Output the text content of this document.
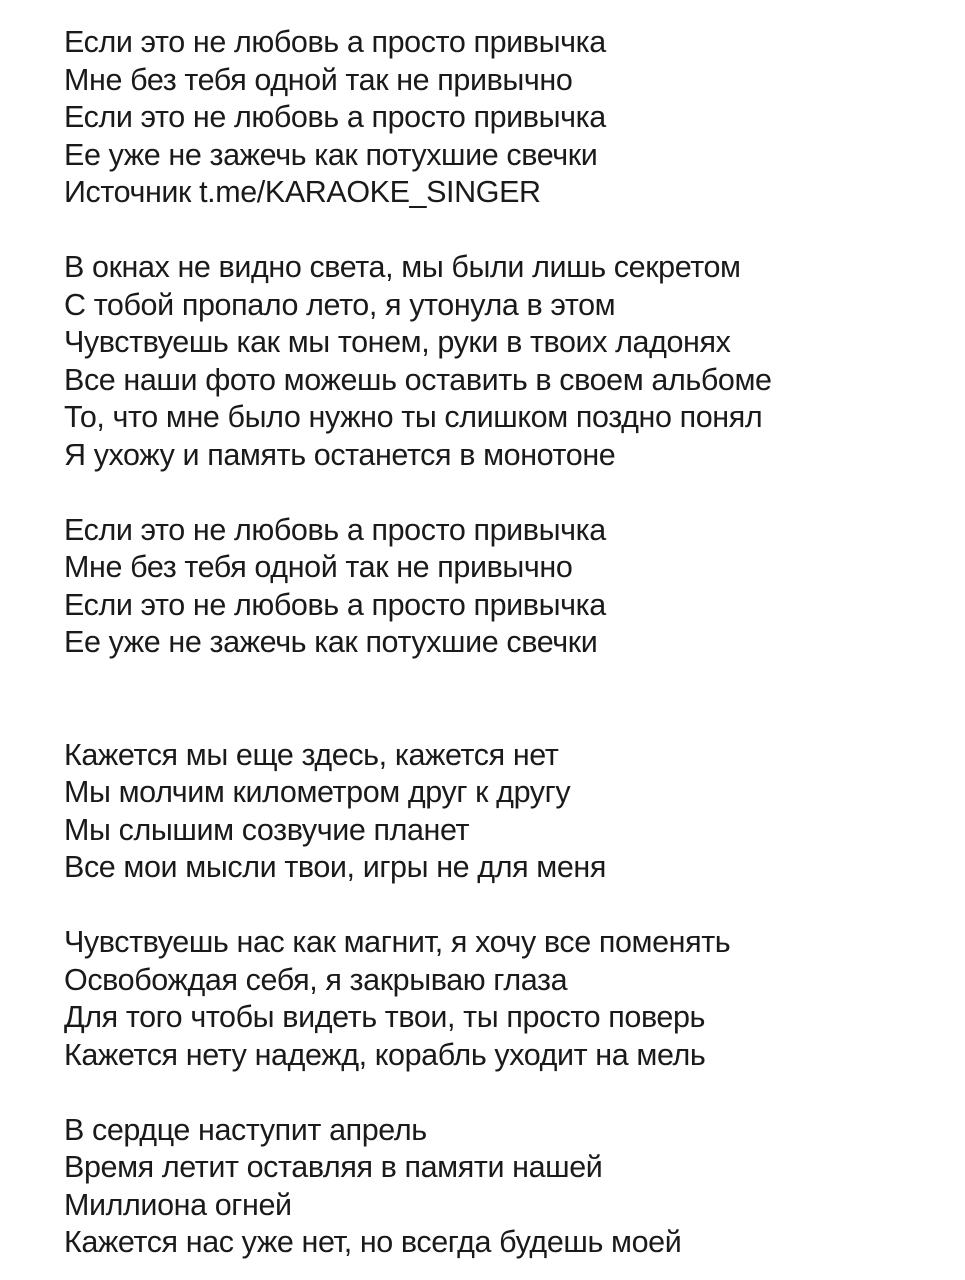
Если это не любовь а просто привычка
Мне без тебя одной так не привычно
Если это не любовь а просто привычка
Ее уже не зажечь как потухшие свечки
Источник t.me/KARAOKE_SINGER
В окнах не видно света, мы были лишь секретом
С тобой пропало лето, я утонула в этом
Чувствуешь как мы тонем, руки в твоих ладонях
Все наши фото можешь оставить в своем альбоме
То, что мне было нужно ты слишком поздно понял
Я ухожу и память останется в монотоне
Если это не любовь а просто привычка
Мне без тебя одной так не привычно
Если это не любовь а просто привычка
Ее уже не зажечь как потухшие свечки
Кажется мы еще здесь, кажется нет
Мы молчим километром друг к другу
Мы слышим созвучие планет
Все мои мысли твои, игры не для меня
Чувствуешь нас как магнит, я хочу все поменять
Освобождая себя, я закрываю глаза
Для того чтобы видеть твои, ты просто поверь
Кажется нету надежд, корабль уходит на мель
В сердце наступит апрель
Время летит оставляя в памяти нашей
Миллиона огней
Кажется нас уже нет, но всегда будешь моей
